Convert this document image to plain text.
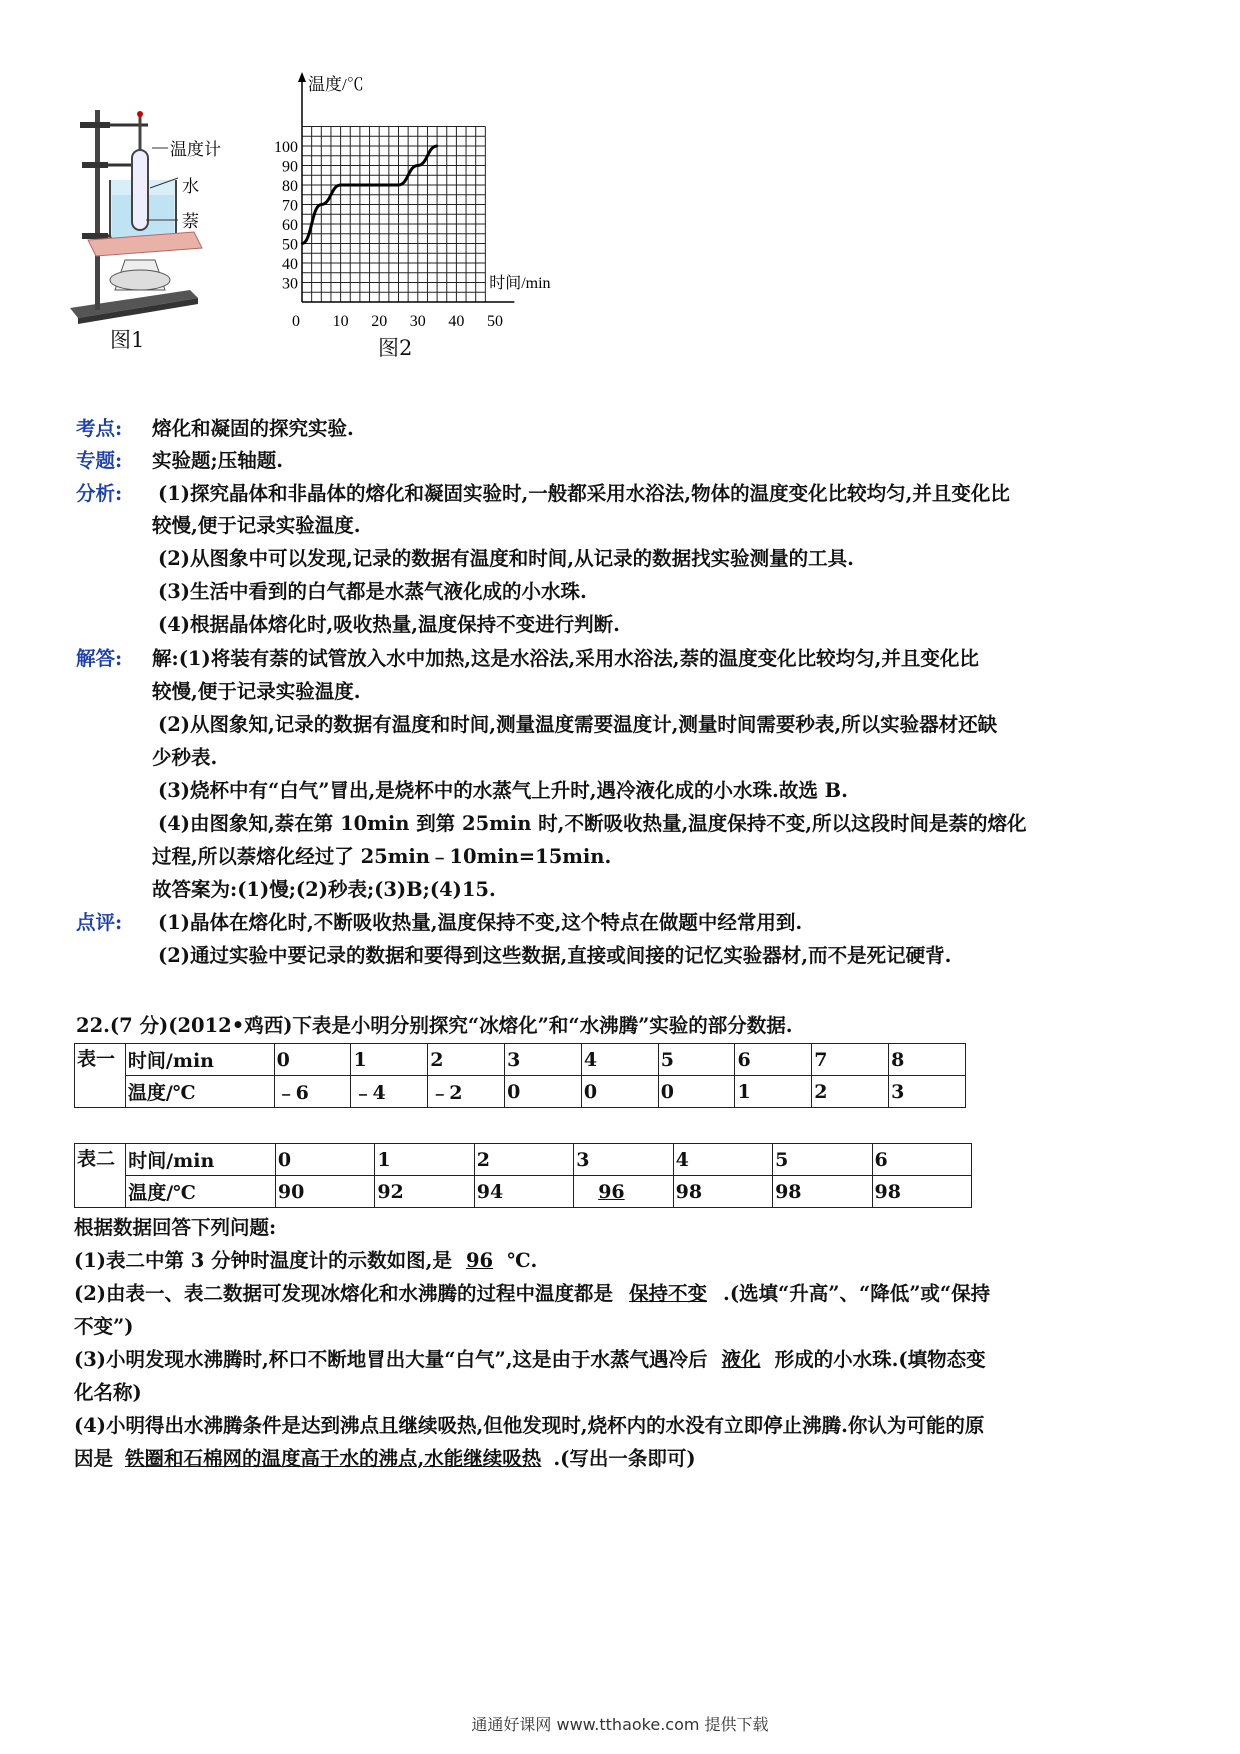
温度计
水
萘
图1
30
40
50
60
70
80
90
100
0 10 20 30 40 50
温度/℃
时间/min
图2
考点: 熔化和凝固的探究实验.
专题: 实验题;压轴题.
分析: (1)探究晶体和非晶体的熔化和凝固实验时,一般都采用水浴法,物体的温度变化比较均匀,并且变化比
较慢,便于记录实验温度.
(2)从图象中可以发现,记录的数据有温度和时间,从记录的数据找实验测量的工具.
(3)生活中看到的白气都是水蒸气液化成的小水珠.
(4)根据晶体熔化时,吸收热量,温度保持不变进行判断.
解答: 解:(1)将装有萘的试管放入水中加热,这是水浴法,采用水浴法,萘的温度变化比较均匀,并且变化比
较慢,便于记录实验温度.
(2)从图象知,记录的数据有温度和时间,测量温度需要温度计,测量时间需要秒表,所以实验器材还缺
少秒表.
(3)烧杯中有“白气”冒出,是烧杯中的水蒸气上升时,遇冷液化成的小水珠.故选 B.
(4)由图象知,萘在第 10min 到第 25min 时,不断吸收热量,温度保持不变,所以这段时间是萘的熔化
过程,所以萘熔化经过了 25min﹣10min=15min.
故答案为:(1)慢;(2)秒表;(3)B;(4)15.
点评: (1)晶体在熔化时,不断吸收热量,温度保持不变,这个特点在做题中经常用到.
(2)通过实验中要记录的数据和要得到这些数据,直接或间接的记忆实验器材,而不是死记硬背.
22.(7 分)(2012•鸡西)下表是小明分别探究“冰熔化”和“水沸腾”实验的部分数据.
表一	时间/min	0	1	2	3	4	5	6	7	8
	温度/℃	﹣6	﹣4	﹣2	0	0	0	1	2	3
表二	时间/min	0	1	2	3	4	5	6
	温度/℃	90	92	94	96	98	98	98
根据数据回答下列问题:
(1)表二中第 3 分钟时温度计的示数如图,是 96 ℃.
(2)由表一、表二数据可发现冰熔化和水沸腾的过程中温度都是 保持不变 .(选填“升高”、“降低”或“保持
不变”)
(3)小明发现水沸腾时,杯口不断地冒出大量“白气”,这是由于水蒸气遇冷后 液化 形成的小水珠.(填物态变
化名称)
(4)小明得出水沸腾条件是达到沸点且继续吸热,但他发现时,烧杯内的水没有立即停止沸腾.你认为可能的原
因是 铁圈和石棉网的温度高于水的沸点,水能继续吸热 .(写出一条即可)
通通好课网 www.tthaoke.com 提供下载
